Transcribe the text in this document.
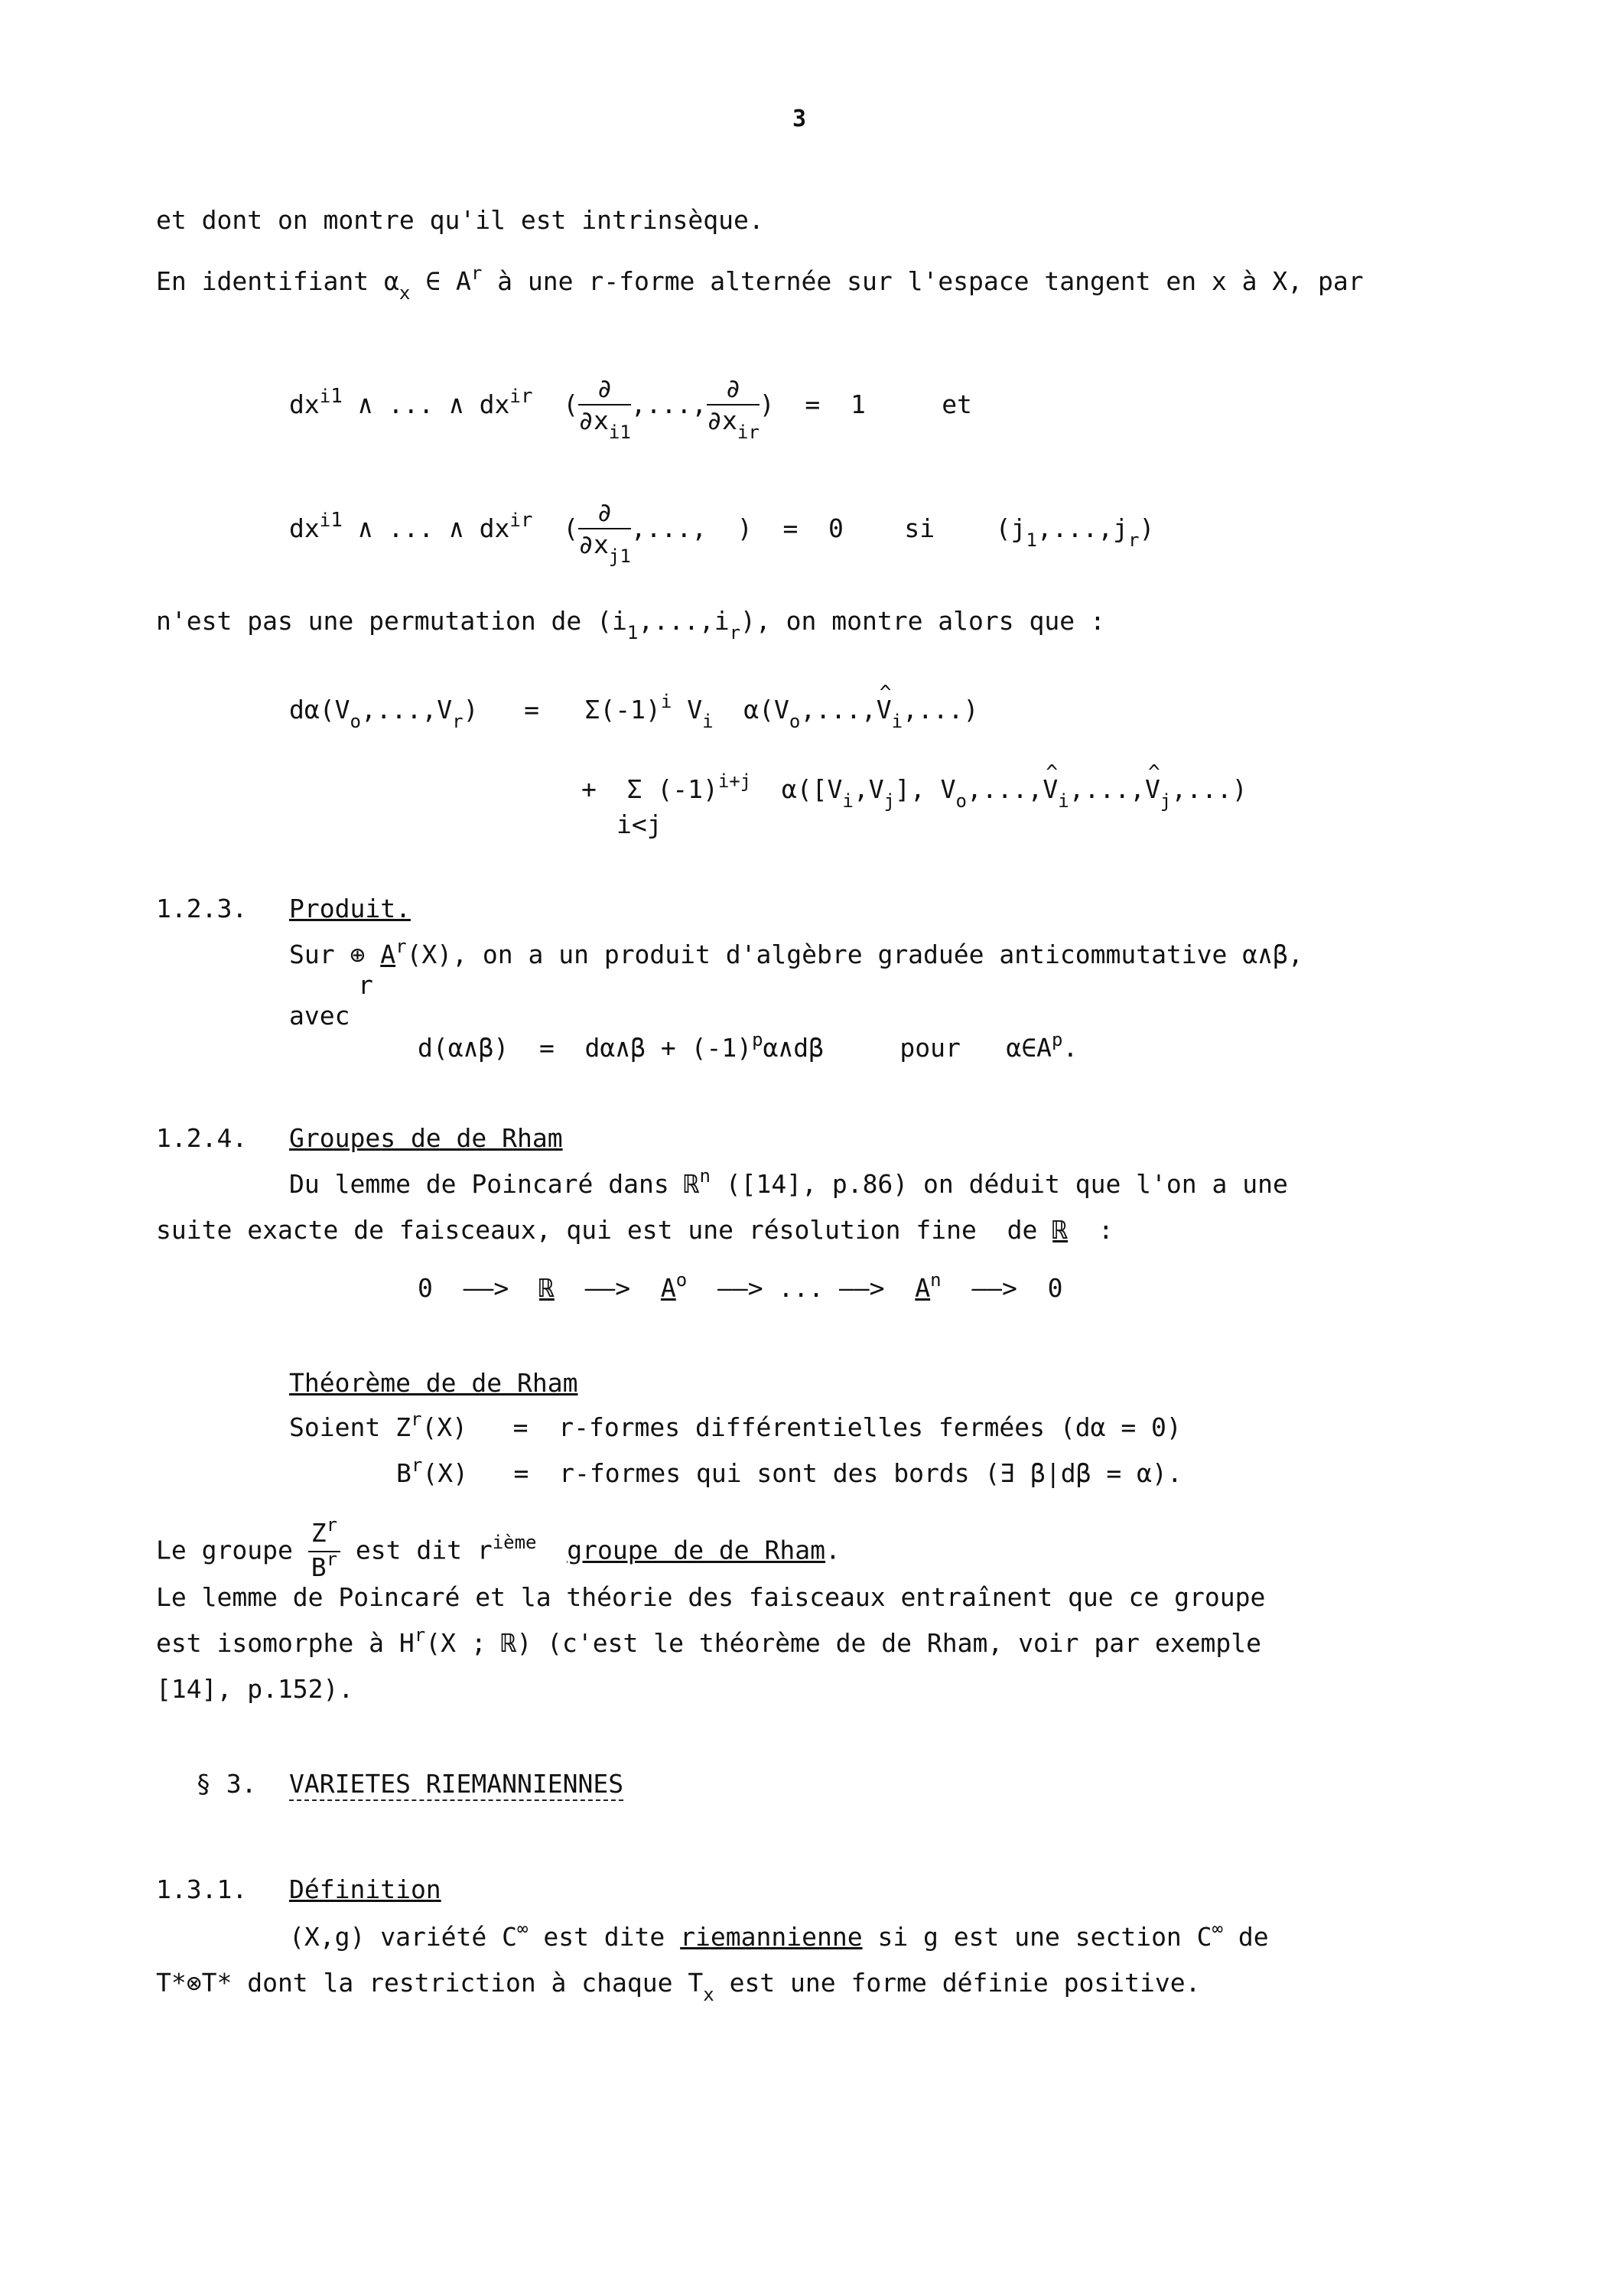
3
et dont on montre qu'il est intrinsèque.
En identifiant $\alpha_x$ ∈ $A^r$ à une r-forme alternée sur l'espace tangent en x à X, par
$dx^{i1}$ ∧ ... ∧ $dx^{ir}$  ( $\frac{\partial}{\partial x_{i1}}$ ,..., $\frac{\partial}{\partial x_{ir}}$ )  =  1     et
$dx^{i1}$ ∧ ... ∧ $dx^{ir}$  ( $\frac{\partial}{\partial x_{j1}}$ ,...,  )  =  0    si    $(j_1,...,j_r)$
n'est pas une permutation de $(i_1,...,i_r)$, on montre alors que :
$d\alpha(V_o,...,V_r) = \Sigma(-1)^i$ $V_i$  $\alpha(V_o,...,\^{}$ $V_i$,...)
+  Σ $(-1)^{i+j}$  $\alpha([V_i,V_j]$, $V_o,...,\^{}$ $V_i,...,\^{}$ $V_j$,...)
i<j
1.2.3. Produit.
Sur ⊕ $A^r(X)$, on a un produit d'algèbre graduée anticommutative α∧β,
r
avec
d(α∧β)  =  dα∧β + $(-1)^p\alpha\wedge d\beta$     pour   $\alpha\in A^p$.
1.2.4. Groupes de de Rham
Du lemme de Poincaré dans ℝ$^n$ ([14], p.86) on déduit que l'on a une
suite exacte de faisceaux, qui est une résolution fine  de ℝ  :
0  ——>  ℝ  ——>  $A^o$  ——> ... ——>  $A^n$  ——>  0
Théorème de de Rham
Soient $Z^r(X)$   =  r-formes différentielles fermées (dα = 0)
$B^r(X)$   =  r-formes qui sont des bords (∃ β|dβ = α).
Le groupe $\frac{Z^r}{B^r}$ est dit $r^{ième}$ groupe de de Rham.
Le lemme de Poincaré et la théorie des faisceaux entraînent que ce groupe
est isomorphe à $H^r(X$ ; ℝ) (c'est le théorème de de Rham, voir par exemple
[14], p.152).
§ 3. VARIETES RIEMANNIENNES
1.3.1. Définition
(X,g) variété C∞ est dite riemannienne si g est une section C∞ de
T*⊗T* dont la restriction à chaque $T_x$ est une forme définie positive.
